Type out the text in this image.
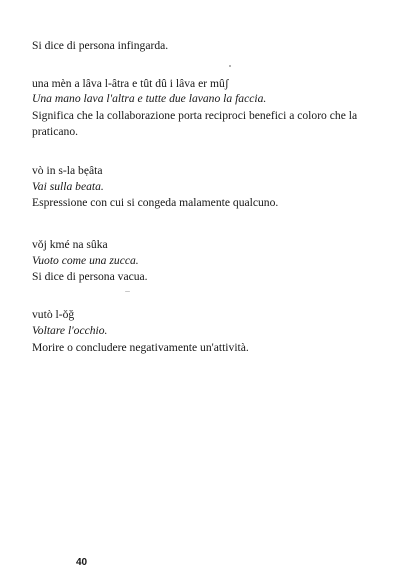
Si dice di persona infingarda.
una mèn a lâva l-âtra e tût dû i lâva er mûʃ
Una mano lava l'altra e tutte due lavano la faccia.
Significa che la collaborazione porta reciproci benefici a coloro che la
praticano.
vò in s-la bẹâta
Vai sulla beata.
Espressione con cui si congeda malamente qualcuno.
vǒj kmé na sûka
Vuoto come una zucca.
Si dice di persona vacua.
vutò l-ǒğ
Voltare l'occhio.
Morire o concludere negativamente un'attività.
40
